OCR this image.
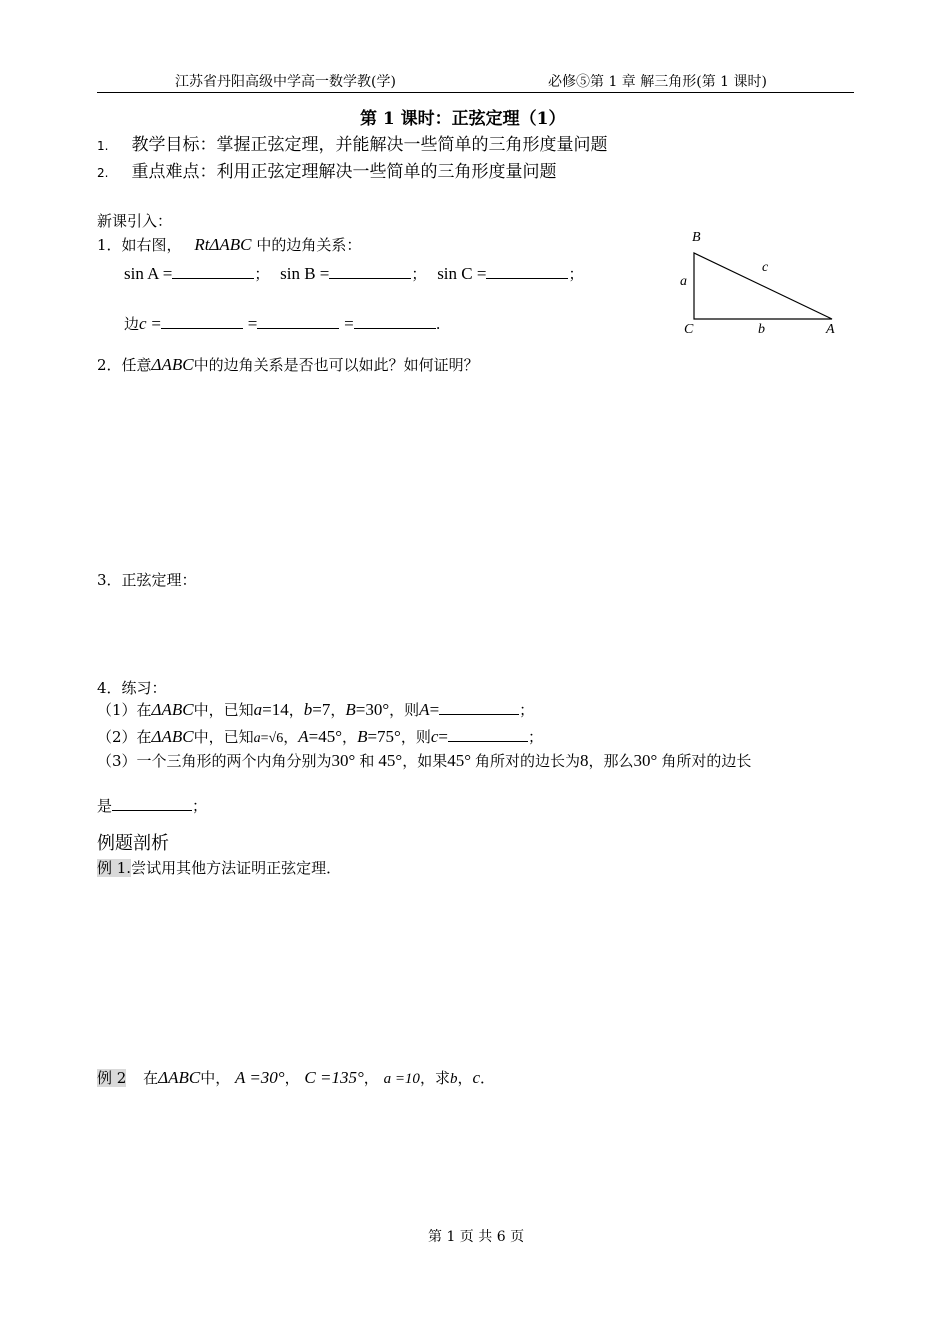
江苏省丹阳高级中学高一数学教(学)	必修⑤第 1 章 解三角形(第 1 课时)
第 1 课时：正弦定理（1）
1. 教学目标：掌握正弦定理，并能解决一些简单的三角形度量问题
2. 重点难点：利用正弦定理解决一些简单的三角形度量问题
新课引入：
1．如右图， RtΔABC 中的边角关系：
sin A =	； sin B =	； sin C =	；
边c =	=	=	.
B
C	A
a
b
c
2．任意ΔABC中的边角关系是否也可以如此？如何证明？
3．正弦定理：
4．练习：
（1）在ΔABC中，已知a=14，b=7，B=30°，则A=	；
（2）在ΔABC中，已知a=√6，A=45°，B=75°，则c=	；
（3）一个三角形的两个内角分别为30° 和 45°，如果45° 角所对的边长为8，那么30° 角所对的边长
是	；
例题剖析
例 1.尝试用其他方法证明正弦定理．
例 2 在ΔABC中， A =30°， C =135°， a =10，求b，c．
第 1 页 共 6 页
